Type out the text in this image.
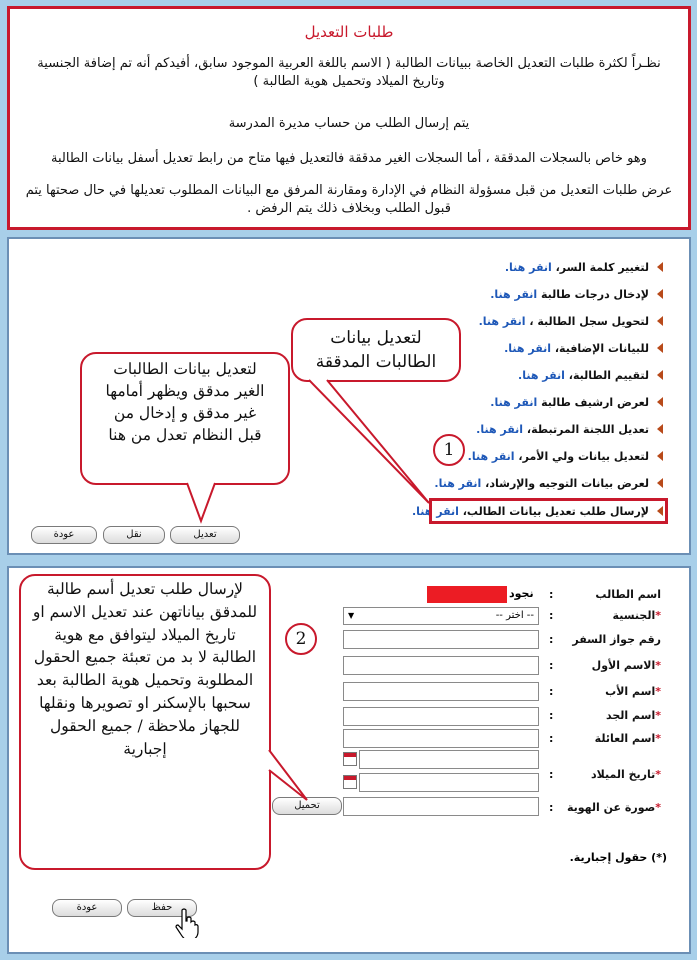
طلبات التعديل
نظـراً لكثرة طلبات التعديل الخاصة ببيانات الطالبة ( الاسم باللغة العربية الموجود سابق، أفيدكم أنه تم إضافة الجنسية وتاريخ الميلاد وتحميل هوية الطالبة )
يتم إرسال الطلب من حساب مديرة المدرسة
وهو خاص بالسجلات المدققة ، أما السجلات الغير مدققة فالتعديل فيها متاح من رابط تعديل أسفل بيانات الطالبة
عرض طلبات التعديل من قبل مسؤولة النظام في الإدارة ومقارنة المرفق مع البيانات المطلوب تعديلها في حال صحتها يتم قبول الطلب وبخلاف ذلك يتم الرفض .
لتغيير كلمة السر، انقر هنا.
لإدخال درجات طالبة انقر هنا.
لتحويل سجل الطالبة ، انقر هنا.
للبيانات الإضافية، انقر هنا.
لتقييم الطالبة، انقر هنا.
لعرض ارشيف طالبة انقر هنا.
تعديل اللجنة المرتبطة، انقر هنا.
لتعديل بيانات ولي الأمر، انقر هنا.
لعرض بيانات التوجيه والإرشاد، انقر هنا.
لإرسال طلب تعديل بيانات الطالب، انقر هنا.
تعديل
نقل
عودة
لتعديل بيانات الطالبات المدققة
لتعديل بيانات الطالبات الغير مدقق ويظهر أمامها غير مدقق و إدخال من قبل النظام تعدل من هنا
1
اسم الطالب
:
نجود
*الجنسية
:
-- اختر --
▼
رقم جواز السفر
:
*الاسم الأول
:
*اسم الأب
:
*اسم الجد
:
*اسم العائلة
:
*تاريخ الميلاد
:
*صورة عن الهوية
:
تحميل
(*) حقول إجبارية.
حفظ
عودة
لإرسال طلب تعديل أسم طالبة للمدقق بياناتهن عند تعديل الاسم او تاريخ الميلاد ليتوافق مع هوية الطالبة لا بد من تعبئة جميع الحقول المطلوبة وتحميل هوية الطالبة بعد سحبها بالإسكنر او تصويرها ونقلها للجهاز ملاحظة / جميع الحقول إجبارية
2
